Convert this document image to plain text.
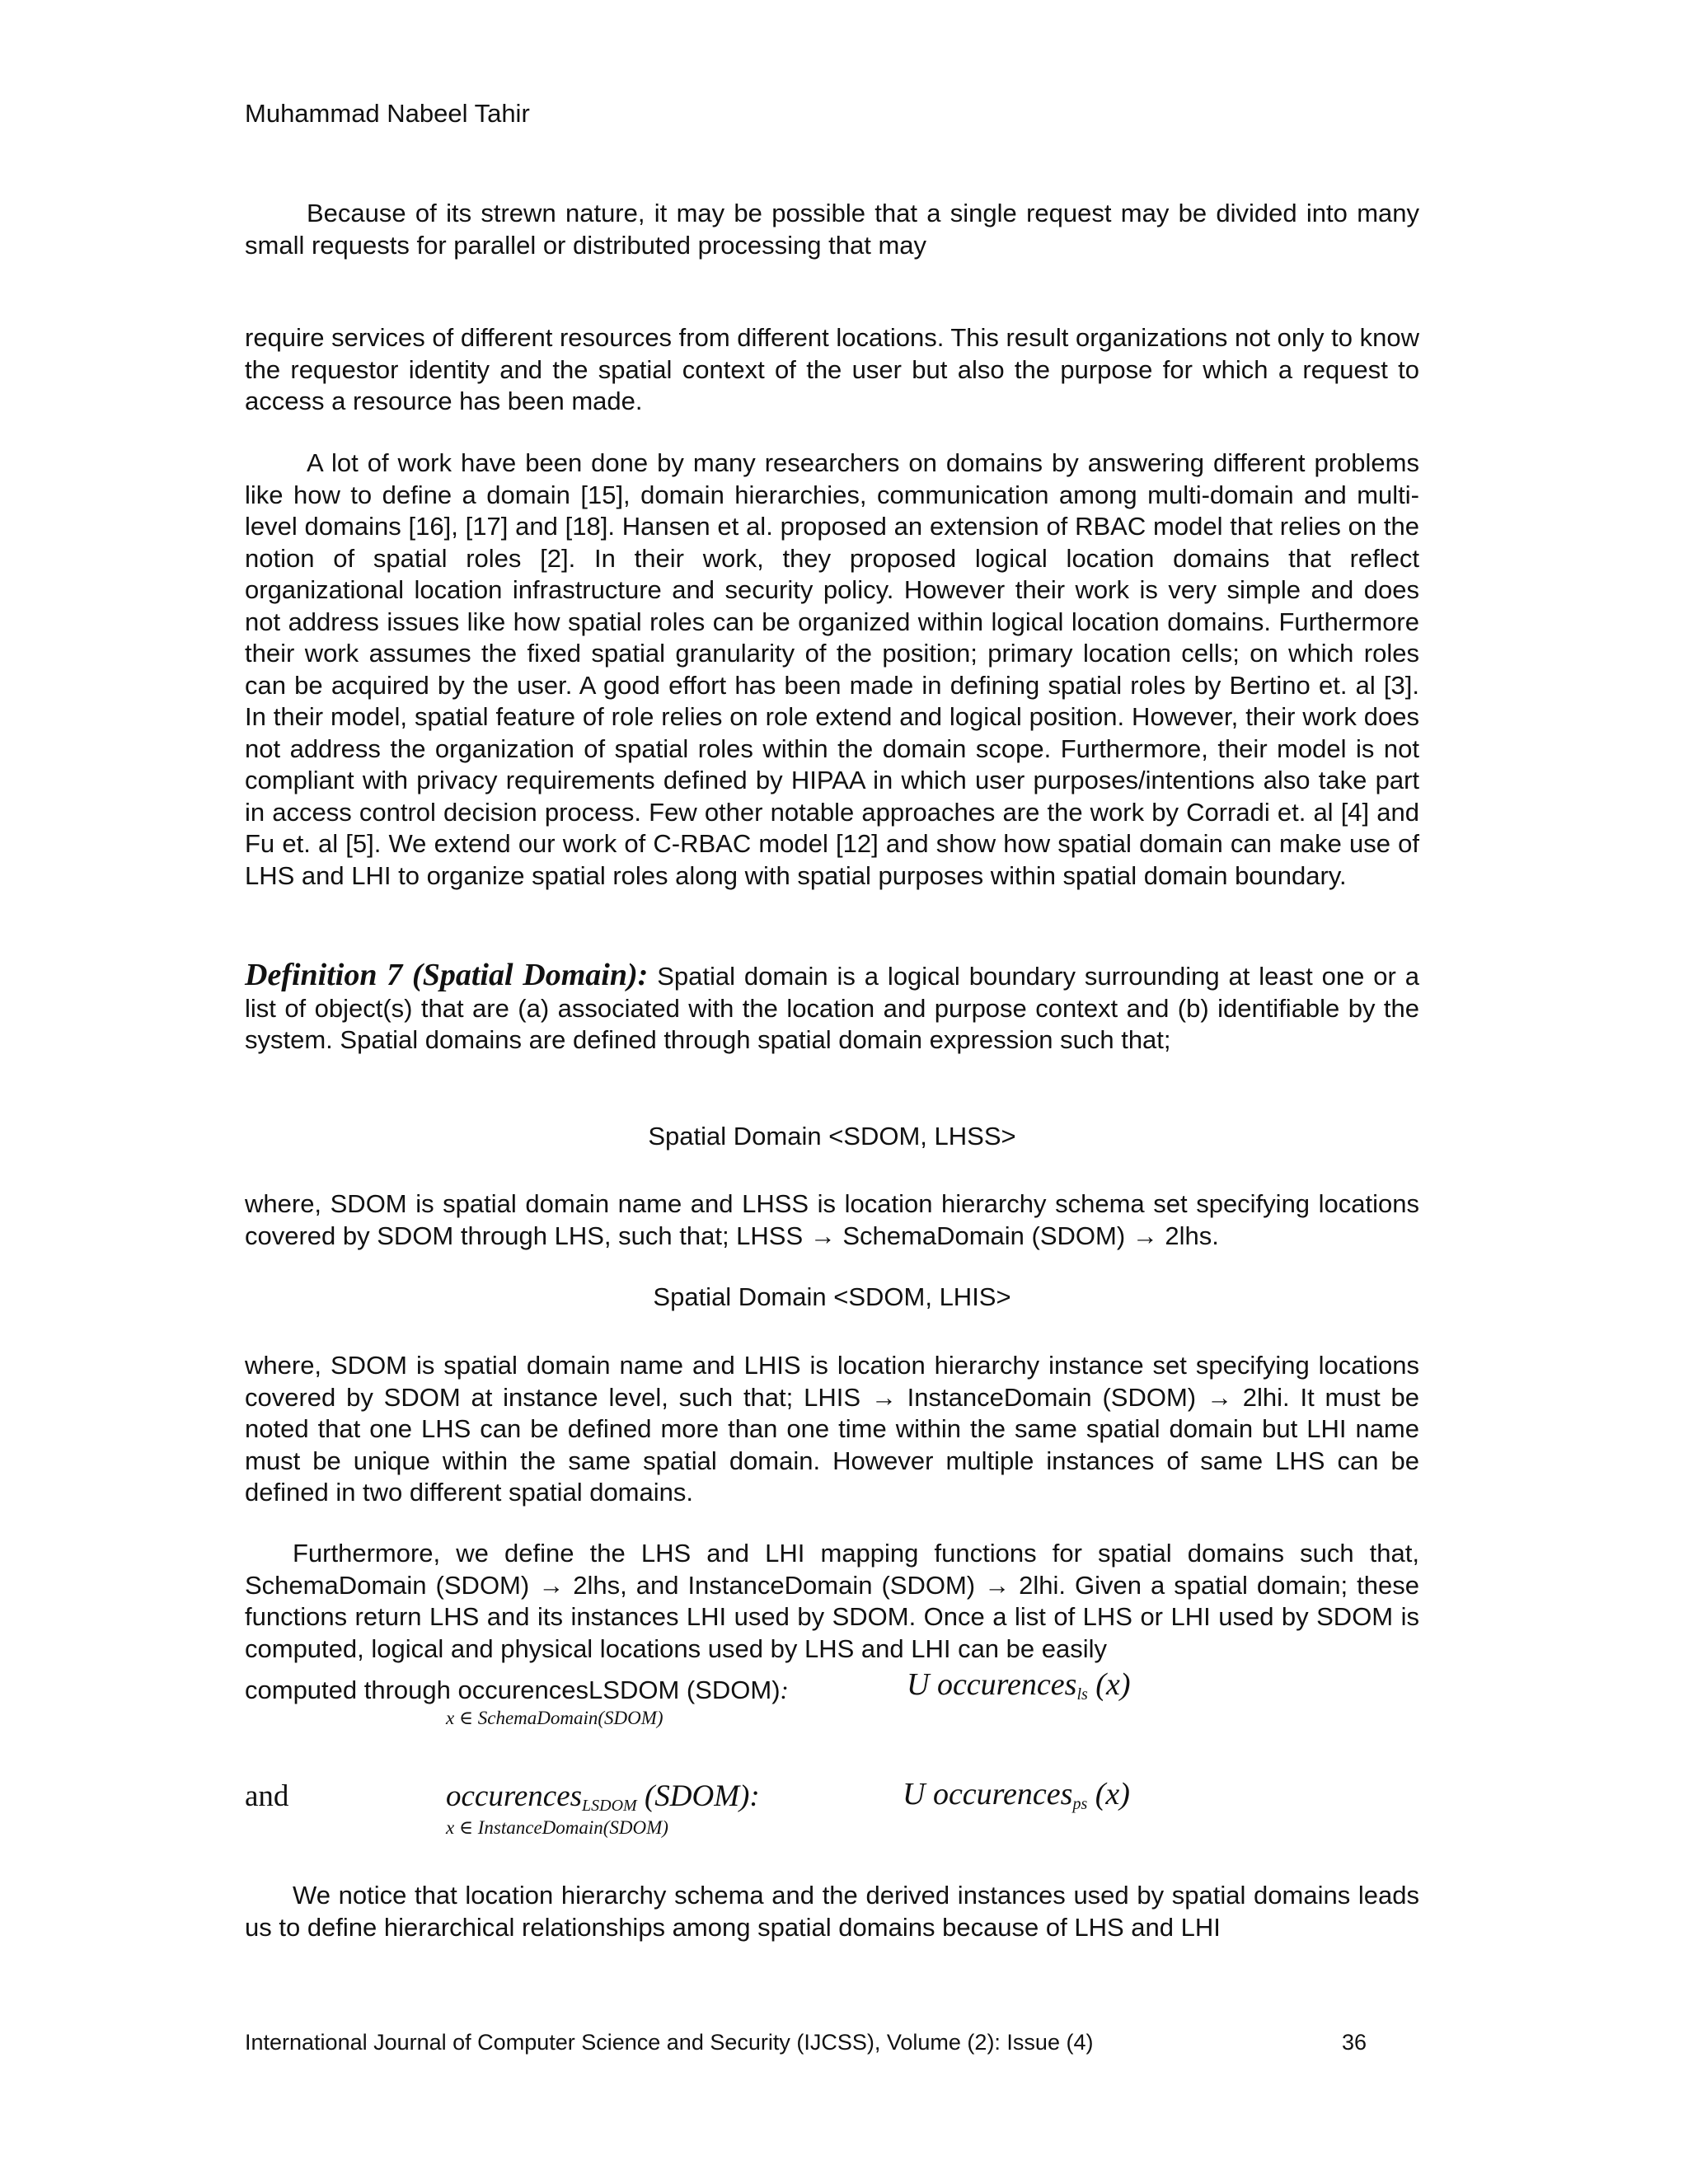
Muhammad Nabeel Tahir

Because of its strewn nature, it may be possible that a single request may be divided into many small requests for parallel or distributed processing that may

require services of different resources from different locations. This result organizations not only to know the requestor identity and the spatial context of the user but also the purpose for which a request to access a resource has been made.

A lot of work have been done by many researchers on domains by answering different problems like how to define a domain [15], domain hierarchies, communication among multi-domain and multi-level domains [16], [17] and [18]. Hansen et al. proposed an extension of RBAC model that relies on the notion of spatial roles [2]. In their work, they proposed logical location domains that reflect organizational location infrastructure and security policy. However their work is very simple and does not address issues like how spatial roles can be organized within logical location domains. Furthermore their work assumes the fixed spatial granularity of the position; primary location cells; on which roles can be acquired by the user. A good effort has been made in defining spatial roles by Bertino et. al [3]. In their model, spatial feature of role relies on role extend and logical position. However, their work does not address the organization of spatial roles within the domain scope. Furthermore, their model is not compliant with privacy requirements defined by HIPAA in which user purposes/intentions also take part in access control decision process. Few other notable approaches are the work by Corradi et. al [4] and Fu et. al [5]. We extend our work of C-RBAC model [12] and show how spatial domain can make use of LHS and LHI to organize spatial roles along with spatial purposes within spatial domain boundary.

Definition 7 (Spatial Domain): Spatial domain is a logical boundary surrounding at least one or a list of object(s) that are (a) associated with the location and purpose context and (b) identifiable by the system. Spatial domains are defined through spatial domain expression such that;

Spatial Domain <SDOM, LHSS>

where, SDOM is spatial domain name and LHSS is location hierarchy schema set specifying locations covered by SDOM through LHS, such that; LHSS → SchemaDomain (SDOM) → 2lhs.

Spatial Domain <SDOM, LHIS>

where, SDOM is spatial domain name and LHIS is location hierarchy instance set specifying locations covered by SDOM at instance level, such that; LHIS → InstanceDomain (SDOM) → 2lhi. It must be noted that one LHS can be defined more than one time within the same spatial domain but LHI name must be unique within the same spatial domain. However multiple instances of same LHS can be defined in two different spatial domains.

Furthermore, we define the LHS and LHI mapping functions for spatial domains such that, SchemaDomain (SDOM) → 2lhs, and InstanceDomain (SDOM) → 2lhi. Given a spatial domain; these functions return LHS and its instances LHI used by SDOM. Once a list of LHS or LHI used by SDOM is computed, logical and physical locations used by LHS and LHI can be easily

computed through occurencesLSDOM (SDOM):	U occurences$_{ls}$ (x)
x ∈ SchemaDomain(SDOM)
and	occurences$_{LSDOM}$ (SDOM):	U occurences$_{ps}$ (x)
x ∈ InstanceDomain(SDOM)

We notice that location hierarchy schema and the derived instances used by spatial domains leads us to define hierarchical relationships among spatial domains because of LHS and LHI

International Journal of Computer Science and Security (IJCSS), Volume (2): Issue (4)	36
